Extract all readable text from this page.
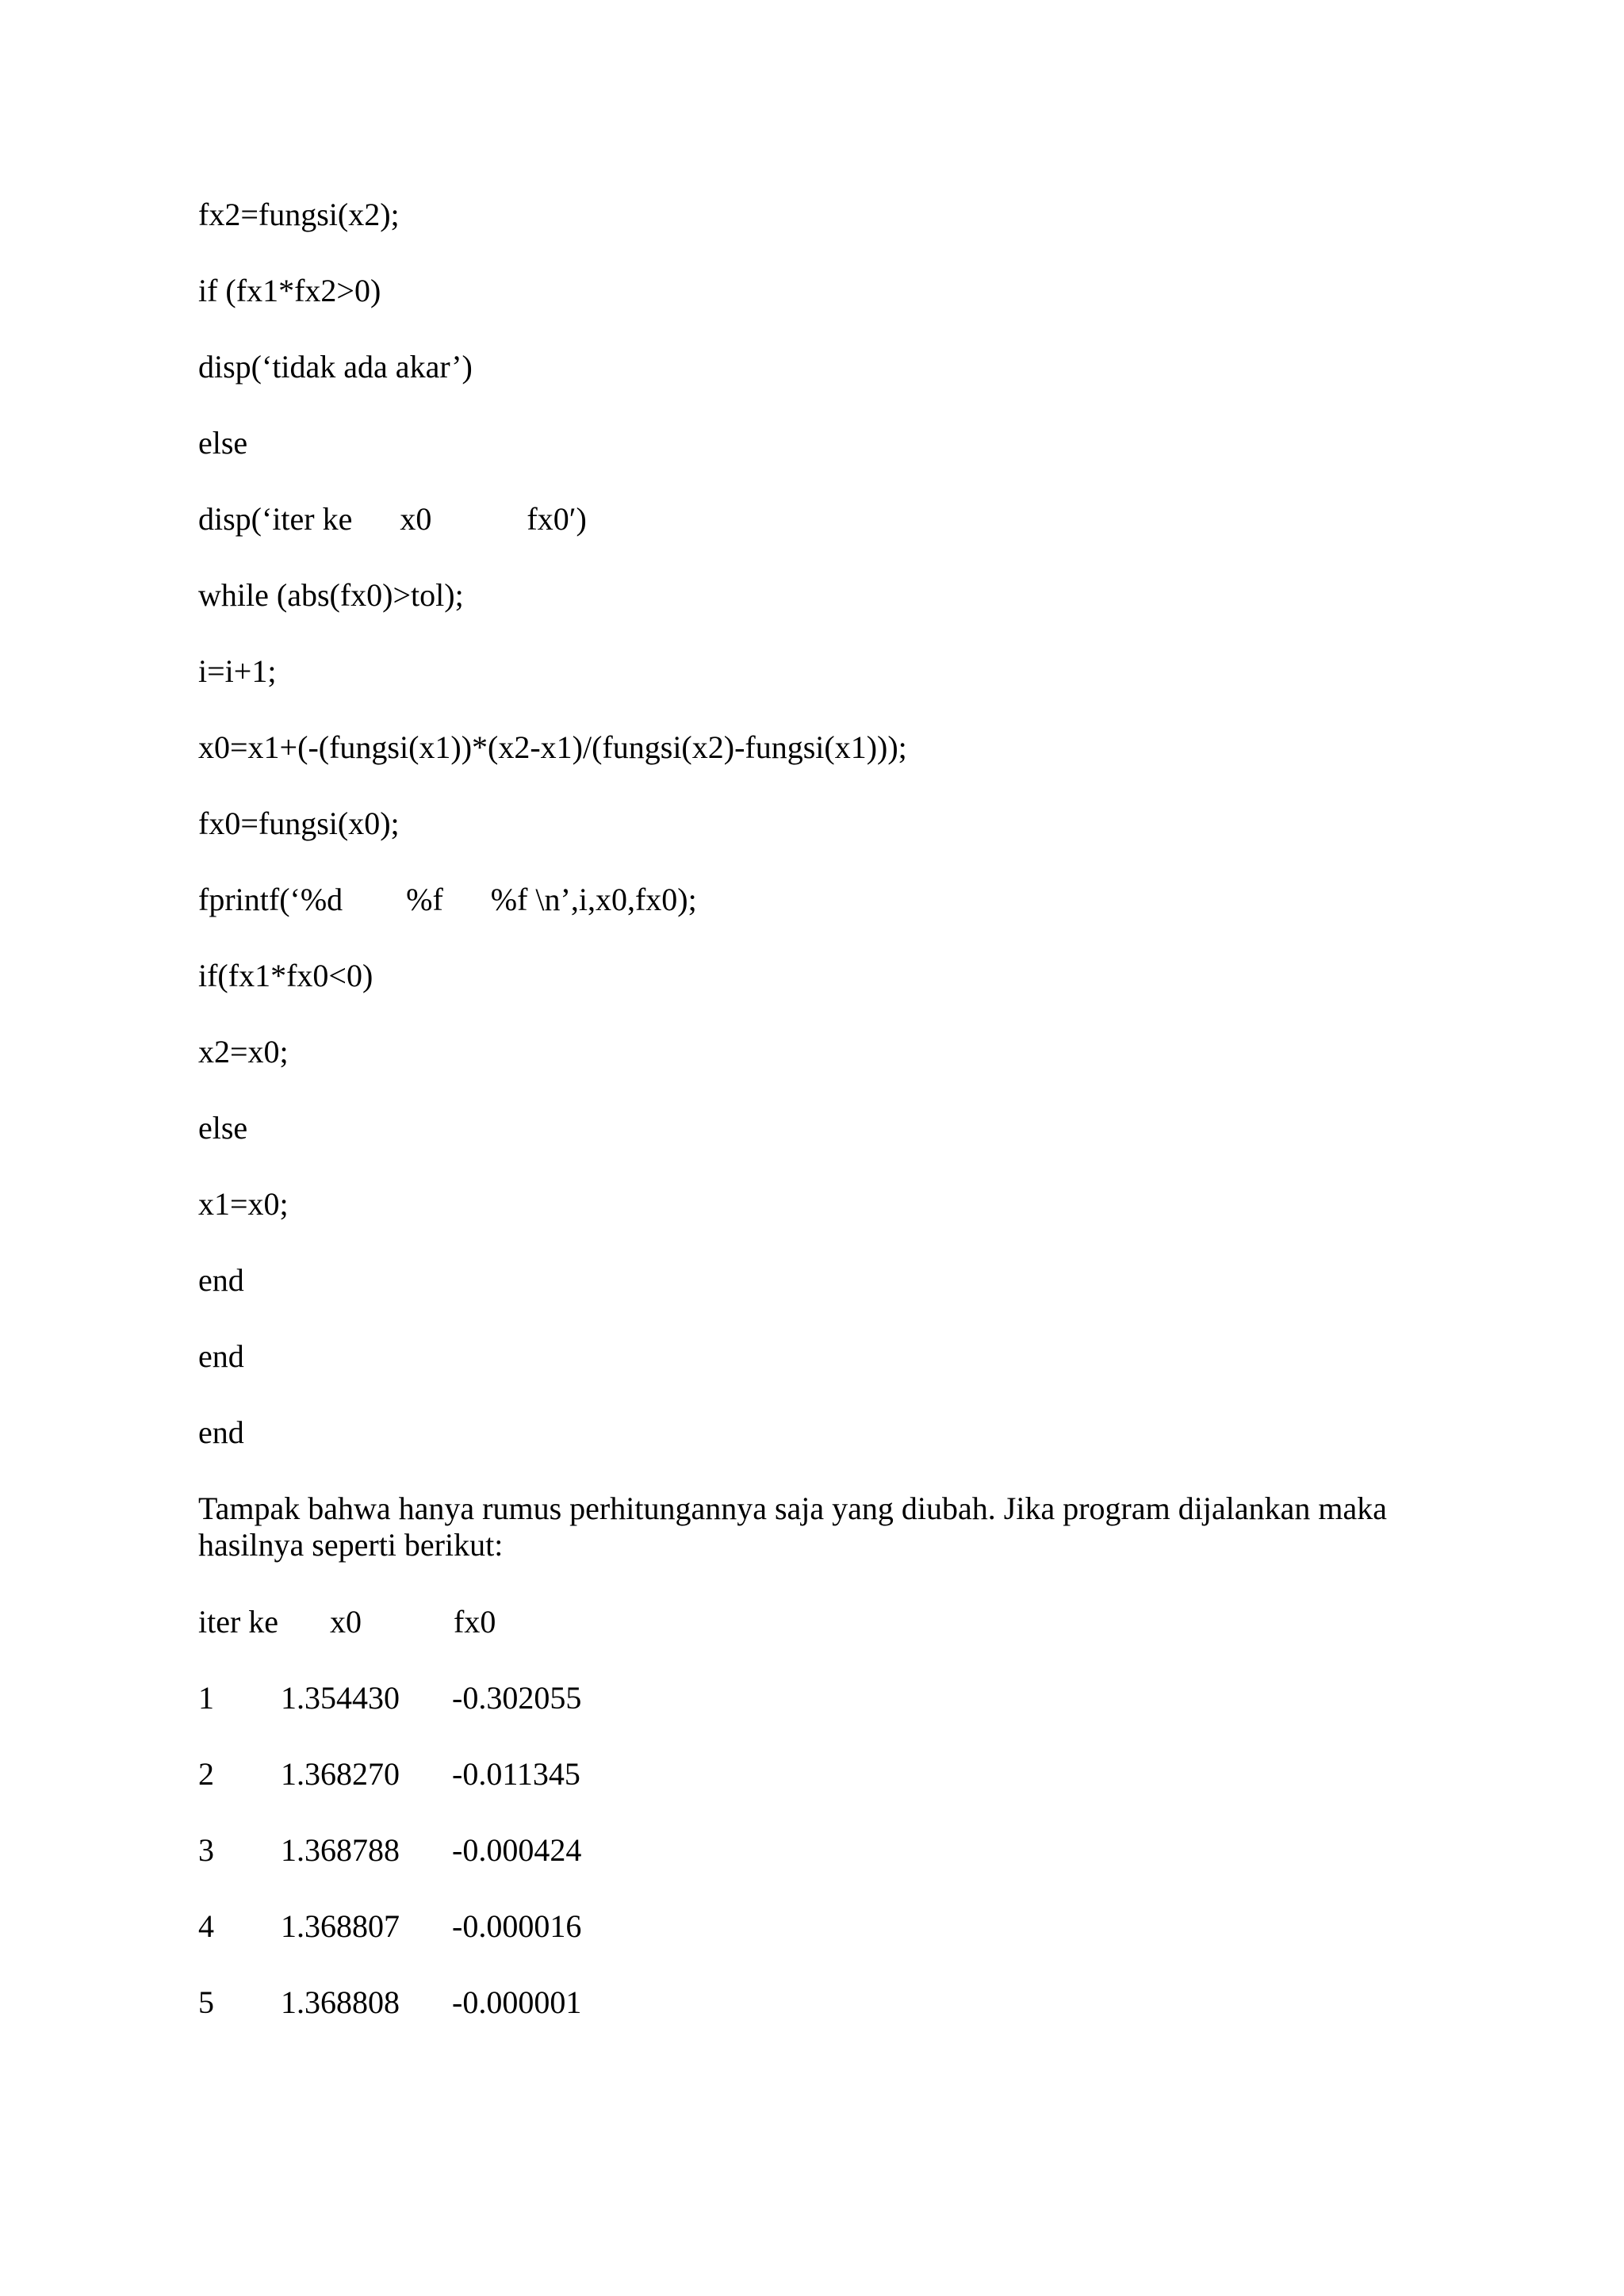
fx2=fungsi(x2);
if (fx1*fx2>0)
disp(‘tidak ada akar’)
else
disp(‘iter ke      x0            fx0′)
while (abs(fx0)>tol);
i=i+1;
x0=x1+(-(fungsi(x1))*(x2-x1)/(fungsi(x2)-fungsi(x1)));
fx0=fungsi(x0);
fprintf(‘%d        %f      %f \n’,i,x0,fx0);
if(fx1*fx0<0)
x2=x0;
else
x1=x0;
end
end
end
Tampak bahwa hanya rumus perhitungannya saja yang diubah. Jika program dijalankan maka hasilnya seperti berikut:
iter ke x0	fx0
1 1.354430 -0.302055
2 1.368270 -0.011345
3 1.368788 -0.000424
4 1.368807 -0.000016
5 1.368808 -0.000001
